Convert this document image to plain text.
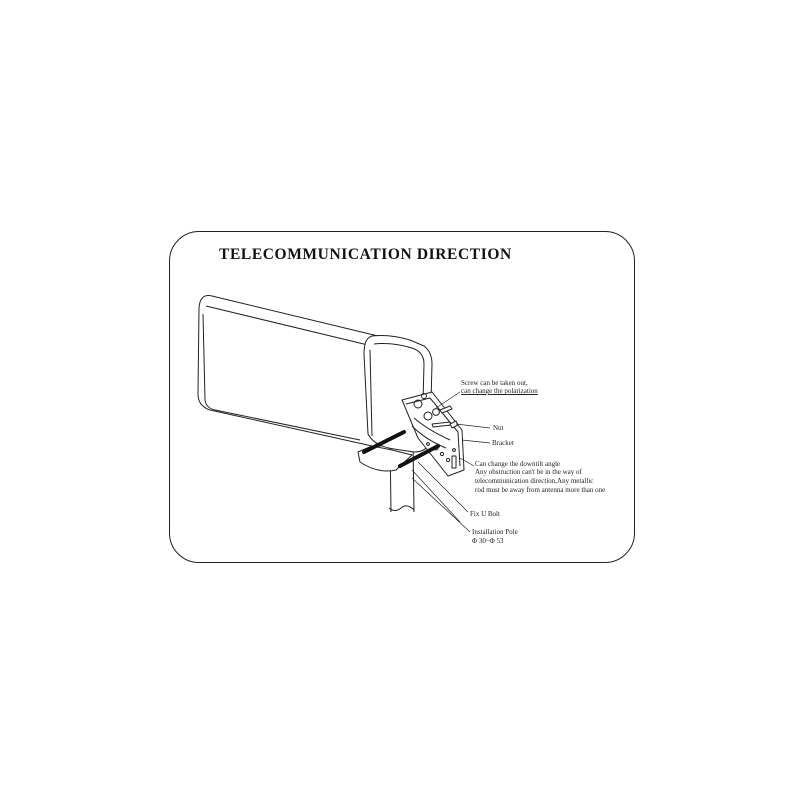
TELECOMMUNICATION DIRECTION
Screw can be taken out,
can change the polarization
Nut
Bracket
Can change the downtilt angle
Any obstruction can't be in the way of
telecommunication direction,Any metallic
rod must be away from antenna more than one
Fix U Bolt
Installation Pole
Φ 30~Φ 53
